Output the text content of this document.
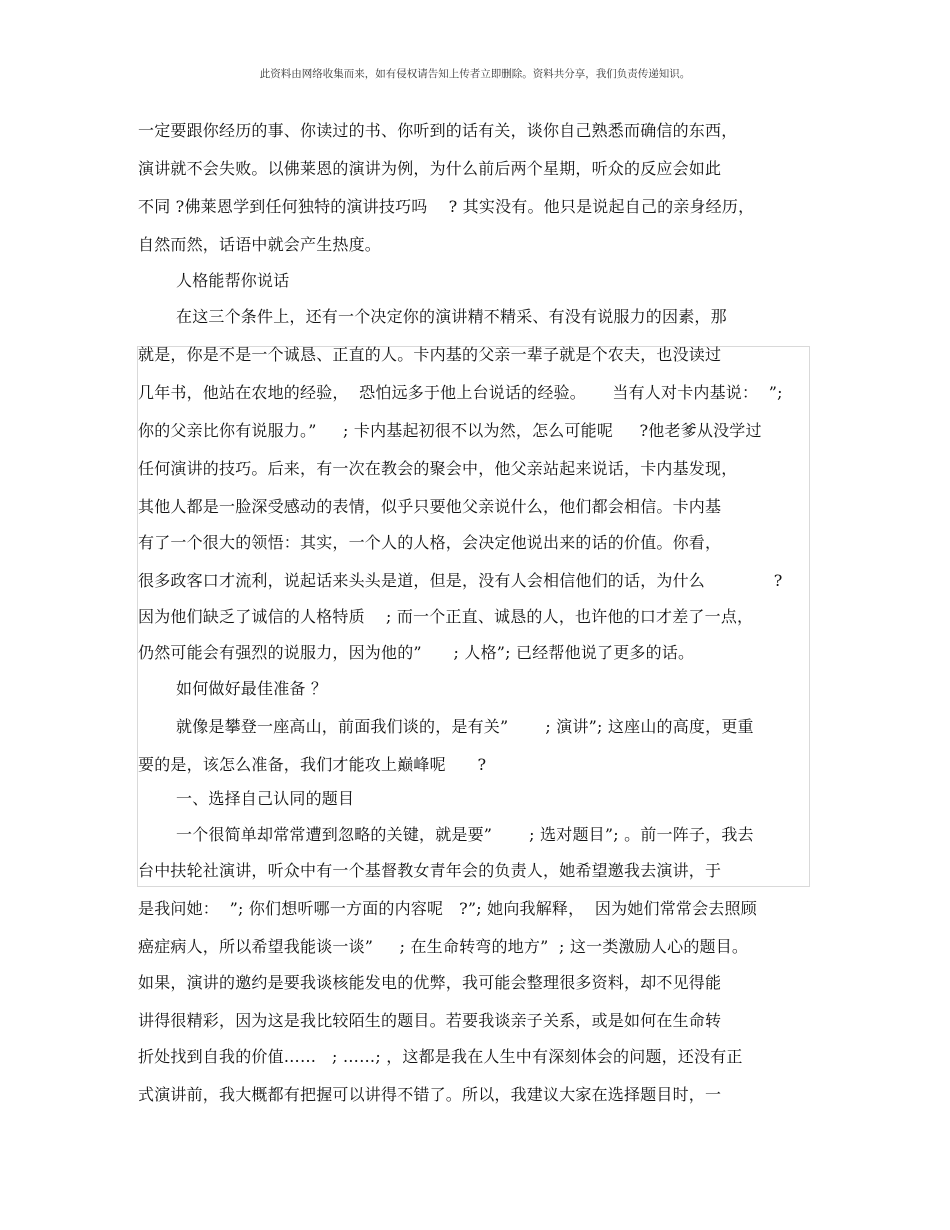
此资料由网络收集而来，如有侵权请告知上传者立即删除。资料共分享，我们负责传递知识。
一定要跟你经历的事、你读过的书、你听到的话有关，谈你自己熟悉而确信的东西，
演讲就不会失败。以佛莱恩的演讲为例，为什么前后两个星期，听众的反应会如此
不同 ?佛莱恩学到任何独特的演讲技巧吗    ? 其实没有。他只是说起自己的亲身经历，
自然而然，话语中就会产生热度。
人格能帮你说话
在这三个条件上，还有一个决定你的演讲精不精采、有没有说服力的因素，那
就是，你是不是一个诚恳、正直的人。卡内基的父亲一辈子就是个农夫，也没读过
几年书，他站在农地的经验，  恐怕远多于他上台说话的经验。     当有人对卡内基说：  ”;
你的父亲比你有说服力。”     ; 卡内基起初很不以为然，怎么可能呢     ?他老爹从没学过
任何演讲的技巧。后来，有一次在教会的聚会中，他父亲站起来说话，卡内基发现，
其他人都是一脸深受感动的表情，似乎只要他父亲说什么，他们都会相信。卡内基
有了一个很大的领悟：其实，一个人的人格，会决定他说出来的话的价值。你看，
很多政客口才流利，说起话来头头是道，但是，没有人会相信他们的话，为什么             ?
因为他们缺乏了诚信的人格特质    ; 而一个正直、诚恳的人，也许他的口才差了一点，
仍然可能会有强烈的说服力，因为他的”      ; 人格”; 已经帮他说了更多的话。
如何做好最佳准备 ？
就像是攀登一座高山，前面我们谈的，是有关”       ; 演讲”; 这座山的高度，更重
要的是，该怎么准备，我们才能攻上巅峰呢      ?
一、选择自己认同的题目
一个很简单却常常遭到忽略的关键，就是要”       ; 选对题目”; 。前一阵子，我去
台中扶轮社演讲，听众中有一个基督教女青年会的负责人，她希望邀我去演讲，于
是我问她：  ”; 你们想听哪一方面的内容呢   ?”; 她向我解释，  因为她们常常会去照顾
癌症病人，所以希望我能谈一谈”     ; 在生命转弯的地方”  ; 这一类激励人心的题目。
如果，演讲的邀约是要我谈核能发电的优弊，我可能会整理很多资料，却不见得能
讲得很精彩，因为这是我比较陌生的题目。若要我谈亲子关系，或是如何在生命转
折处找到自我的价值……   ; ……; ，这都是我在人生中有深刻体会的问题，还没有正
式演讲前，我大概都有把握可以讲得不错了。所以，我建议大家在选择题目时，一
